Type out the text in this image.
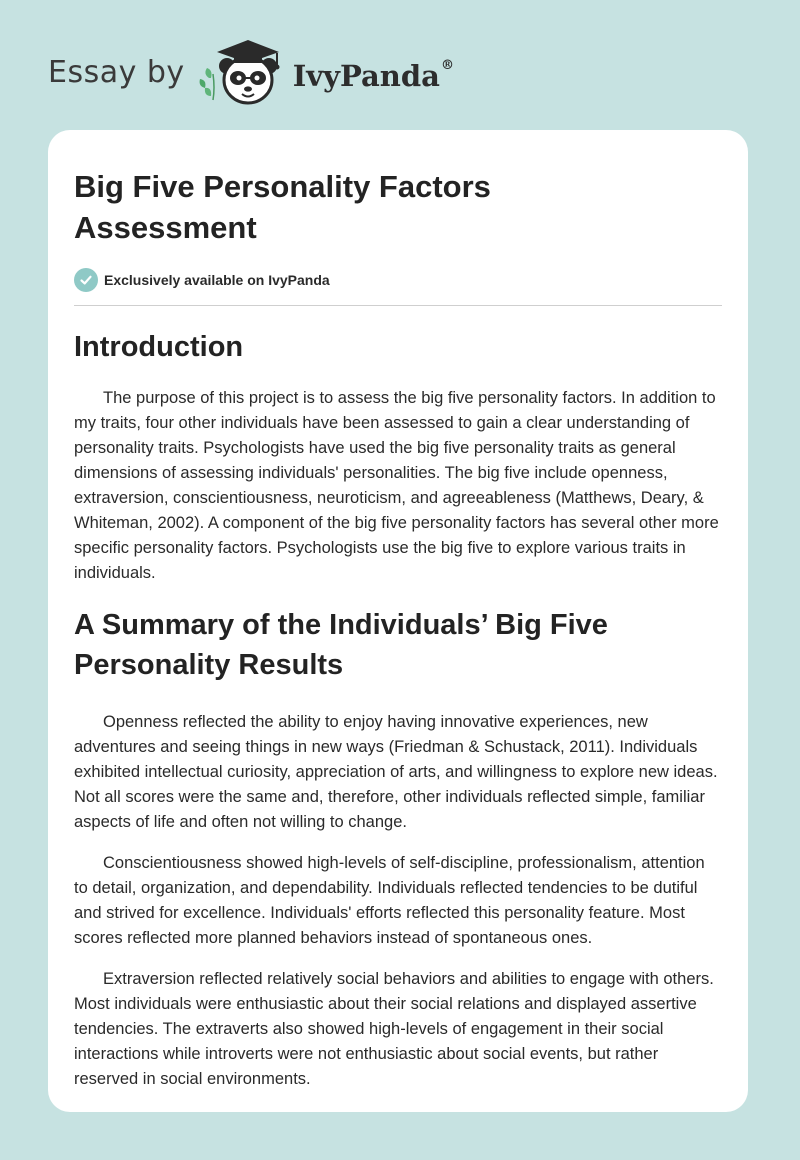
Essay by	IvyPanda®
Big Five Personality Factors Assessment
Exclusively available on IvyPanda
Introduction

The purpose of this project is to assess the big five personality factors. In addition to my traits, four other individuals have been assessed to gain a clear understanding of personality traits. Psychologists have used the big five personality traits as general dimensions of assessing individuals' personalities. The big five include openness, extraversion, conscientiousness, neuroticism, and agreeableness (Matthews, Deary, & Whiteman, 2002). A component of the big five personality factors has several other more specific personality factors. Psychologists use the big five to explore various traits in individuals.

A Summary of the Individuals’ Big Five Personality Results

Openness reflected the ability to enjoy having innovative experiences, new adventures and seeing things in new ways (Friedman & Schustack, 2011). Individuals exhibited intellectual curiosity, appreciation of arts, and willingness to explore new ideas. Not all scores were the same and, therefore, other individuals reflected simple, familiar aspects of life and often not willing to change.

Conscientiousness showed high-levels of self-discipline, professionalism, attention to detail, organization, and dependability. Individuals reflected tendencies to be dutiful and strived for excellence. Individuals' efforts reflected this personality feature. Most scores reflected more planned behaviors instead of spontaneous ones.

Extraversion reflected relatively social behaviors and abilities to engage with others. Most individuals were enthusiastic about their social relations and displayed assertive tendencies. The extraverts also showed high-levels of engagement in their social interactions while introverts were not enthusiastic about social events, but rather reserved in social environments.
